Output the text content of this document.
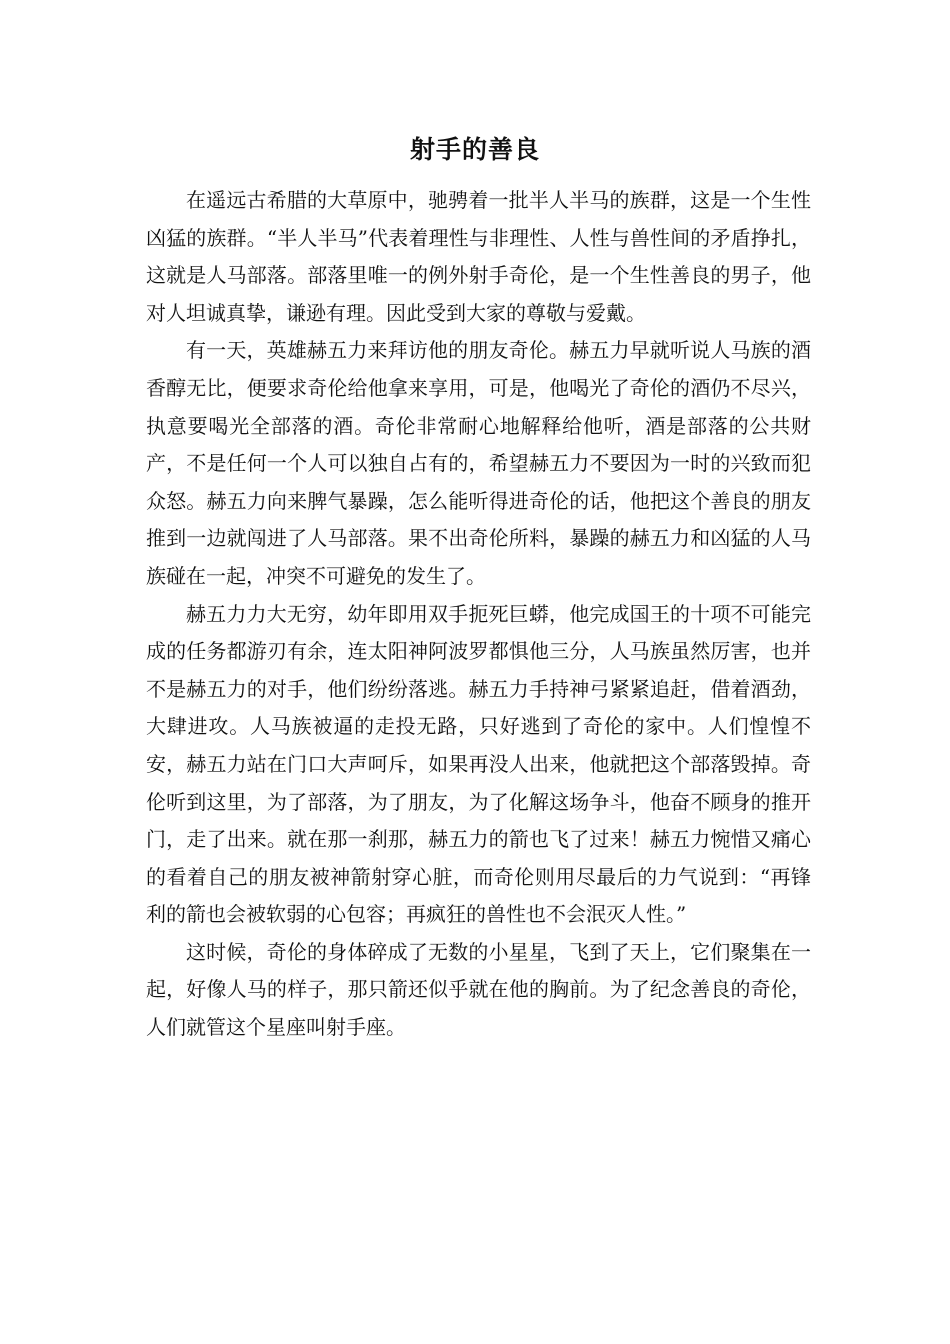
射手的善良

在遥远古希腊的大草原中，驰骋着一批半人半马的族群，这是一个生性凶猛的族群。“半人半马”代表着理性与非理性、人性与兽性间的矛盾挣扎，这就是人马部落。部落里唯一的例外射手奇伦，是一个生性善良的男子，他对人坦诚真挚，谦逊有理。因此受到大家的尊敬与爱戴。

有一天，英雄赫五力来拜访他的朋友奇伦。赫五力早就听说人马族的酒香醇无比，便要求奇伦给他拿来享用，可是，他喝光了奇伦的酒仍不尽兴，执意要喝光全部落的酒。奇伦非常耐心地解释给他听，酒是部落的公共财产，不是任何一个人可以独自占有的，希望赫五力不要因为一时的兴致而犯众怒。赫五力向来脾气暴躁，怎么能听得进奇伦的话，他把这个善良的朋友推到一边就闯进了人马部落。果不出奇伦所料，暴躁的赫五力和凶猛的人马族碰在一起，冲突不可避免的发生了。

赫五力力大无穷，幼年即用双手扼死巨蟒，他完成国王的十项不可能完成的任务都游刃有余，连太阳神阿波罗都惧他三分，人马族虽然厉害，也并不是赫五力的对手，他们纷纷落逃。赫五力手持神弓紧紧追赶，借着酒劲，大肆进攻。人马族被逼的走投无路，只好逃到了奇伦的家中。人们惶惶不安，赫五力站在门口大声呵斥，如果再没人出来，他就把这个部落毁掉。奇伦听到这里，为了部落，为了朋友，为了化解这场争斗，他奋不顾身的推开门，走了出来。就在那一刹那，赫五力的箭也飞了过来！赫五力惋惜又痛心的看着自己的朋友被神箭射穿心脏，而奇伦则用尽最后的力气说到：“再锋利的箭也会被软弱的心包容；再疯狂的兽性也不会泯灭人性。”

这时候，奇伦的身体碎成了无数的小星星，飞到了天上，它们聚集在一起，好像人马的样子，那只箭还似乎就在他的胸前。为了纪念善良的奇伦，人们就管这个星座叫射手座。
